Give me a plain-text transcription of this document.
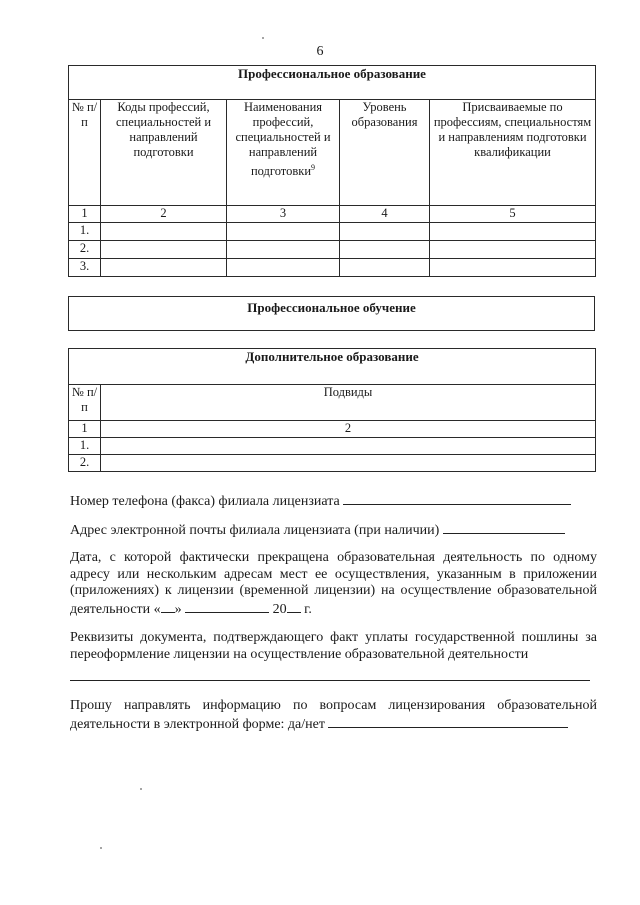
6
Профессиональное образование				
№ п/п	Коды профессий, специальностей и направлений подготовки	Наименования профессий, специальностей и направлений подготовки$^9$	Уровень образования	Присваиваемые по профессиям, специальностям и направлениям подготовки квалификации
1	2	3	4	5
1.				
2.				
3.				
Профессиональное обучение
Дополнительное образование	
№ п/п	Подвиды
1	2
1.	
2.	
Номер телефона (факса) филиала лицензиата
Адрес электронной почты филиала лицензиата (при наличии)
Дата, с которой фактически прекращена образовательная деятельность по одному адресу или нескольким адресам мест ее осуществления, указанным в приложении (приложениях) к лицензии (временной лицензии) на осуществление образовательной деятельности « »	20 г.
Реквизиты документа, подтверждающего факт уплаты государственной пошлины за переоформление лицензии на осуществление образовательной деятельности
Прошу направлять информацию по вопросам лицензирования образовательной деятельности в электронной форме: да/нет
